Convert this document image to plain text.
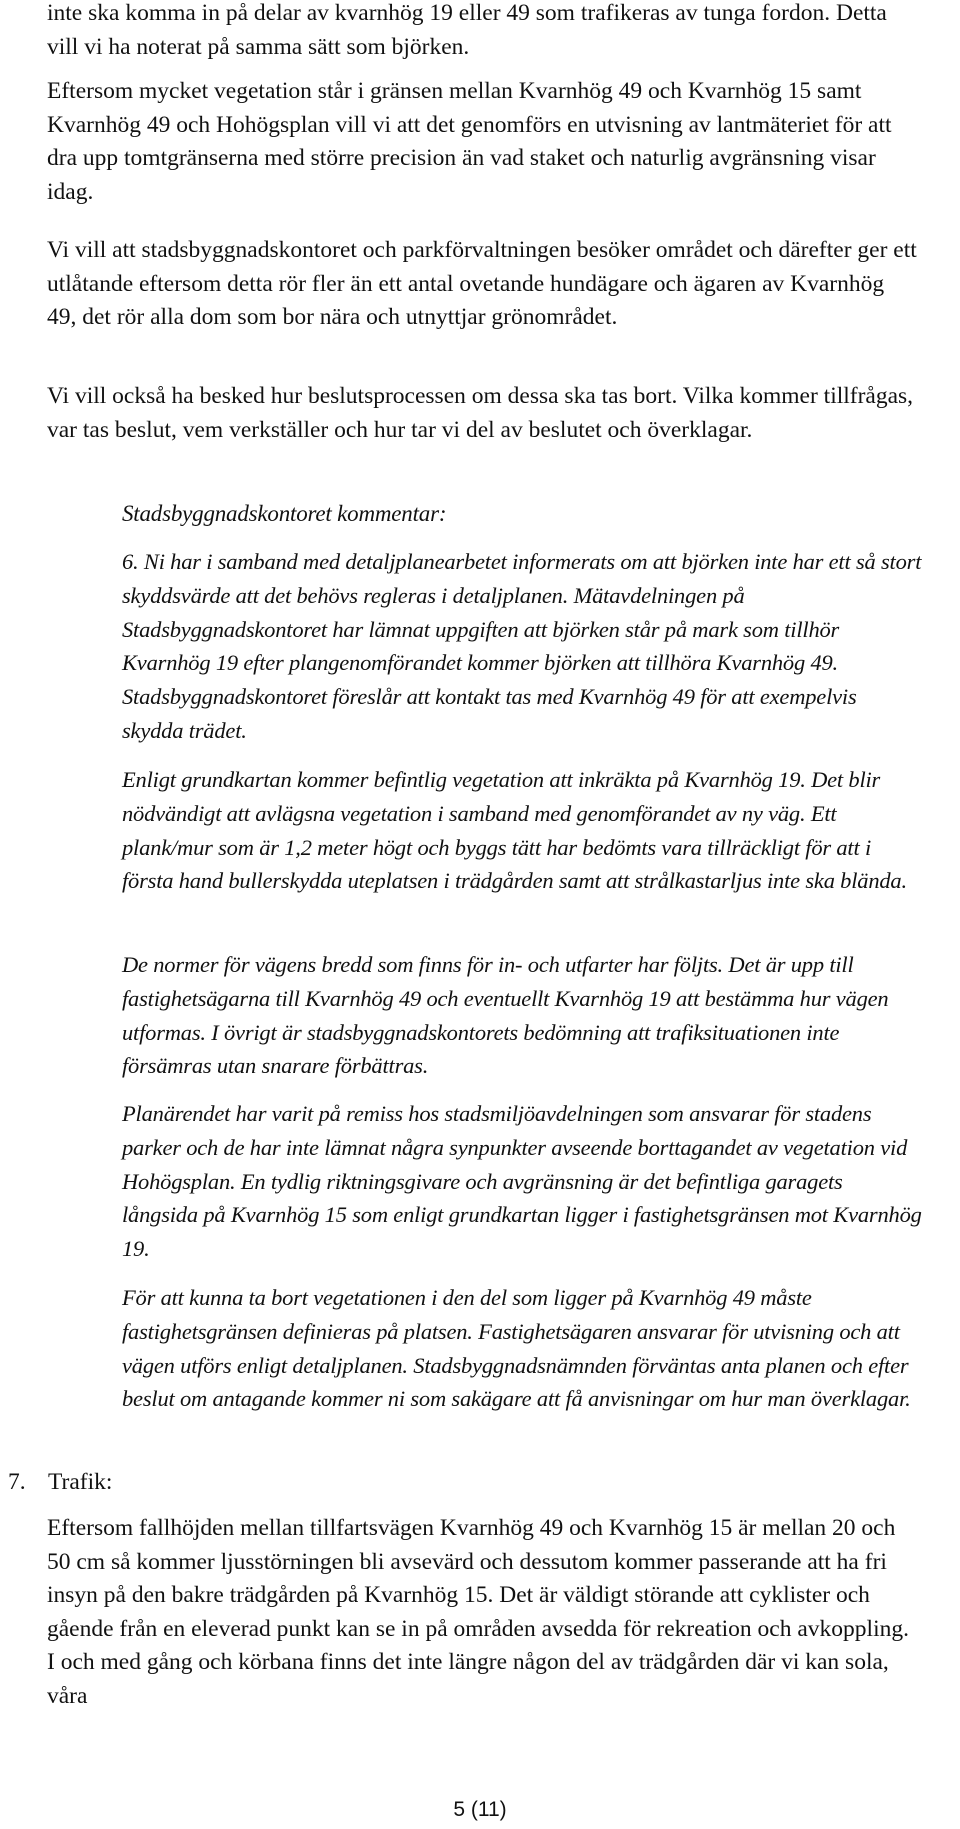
inte ska komma in på delar av kvarnhög 19 eller 49 som trafikeras av tunga fordon. Detta vill vi ha noterat på samma sätt som björken.

Eftersom mycket vegetation står i gränsen mellan Kvarnhög 49 och Kvarnhög 15 samt Kvarnhög 49 och Hohögsplan vill vi att det genomförs en utvisning av lantmäteriet för att dra upp tomtgränserna med större precision än vad staket och naturlig avgränsning visar idag.

Vi vill att stadsbyggnadskontoret och parkförvaltningen besöker området och därefter ger ett utlåtande eftersom detta rör fler än ett antal ovetande hundägare och ägaren av Kvarnhög 49, det rör alla dom som bor nära och utnyttjar grönområdet.

Vi vill också ha besked hur beslutsprocessen om dessa ska tas bort. Vilka kommer tillfrågas, var tas beslut, vem verkställer och hur tar vi del av beslutet och överklagar.

Stadsbyggnadskontoret kommentar:

6. Ni har i samband med detaljplanearbetet informerats om att björken inte har ett så stort skyddsvärde att det behövs regleras i detaljplanen. Mätavdelningen på Stadsbyggnadskontoret har lämnat uppgiften att björken står på mark som tillhör Kvarnhög 19 efter plangenomförandet kommer björken att tillhöra Kvarnhög 49. Stadsbyggnadskontoret föreslår att kontakt tas med Kvarnhög 49 för att exempelvis skydda trädet.

Enligt grundkartan kommer befintlig vegetation att inkräkta på Kvarnhög 19. Det blir nödvändigt att avlägsna vegetation i samband med genomförandet av ny väg. Ett plank/mur som är 1,2 meter högt och byggs tätt har bedömts vara tillräckligt för att i första hand bullerskydda uteplatsen i trädgården samt att strålkastarljus inte ska blända.

De normer för vägens bredd som finns för in- och utfarter har följts. Det är upp till fastighetsägarna till Kvarnhög 49 och eventuellt Kvarnhög 19 att bestämma hur vägen utformas. I övrigt är stadsbyggnadskontorets bedömning att trafiksituationen inte försämras utan snarare förbättras.

Planärendet har varit på remiss hos stadsmiljöavdelningen som ansvarar för stadens parker och de har inte lämnat några synpunkter avseende borttagandet av vegetation vid Hohögsplan. En tydlig riktningsgivare och avgränsning är det befintliga garagets långsida på Kvarnhög 15 som enligt grundkartan ligger i fastighetsgränsen mot Kvarnhög 19.

För att kunna ta bort vegetationen i den del som ligger på Kvarnhög 49 måste fastighetsgränsen definieras på platsen. Fastighetsägaren ansvarar för utvisning och att vägen utförs enligt detaljplanen. Stadsbyggnadsnämnden förväntas anta planen och efter beslut om antagande kommer ni som sakägare att få anvisningar om hur man överklagar.

7. Trafik:

Eftersom fallhöjden mellan tillfartsvägen Kvarnhög 49 och Kvarnhög 15 är mellan 20 och 50 cm så kommer ljusstörningen bli avsevärd och dessutom kommer passerande att ha fri insyn på den bakre trädgården på Kvarnhög 15. Det är väldigt störande att cyklister och gående från en eleverad punkt kan se in på områden avsedda för rekreation och avkoppling. I och med gång och körbana finns det inte längre någon del av trädgården där vi kan sola, våra

5 (11)
